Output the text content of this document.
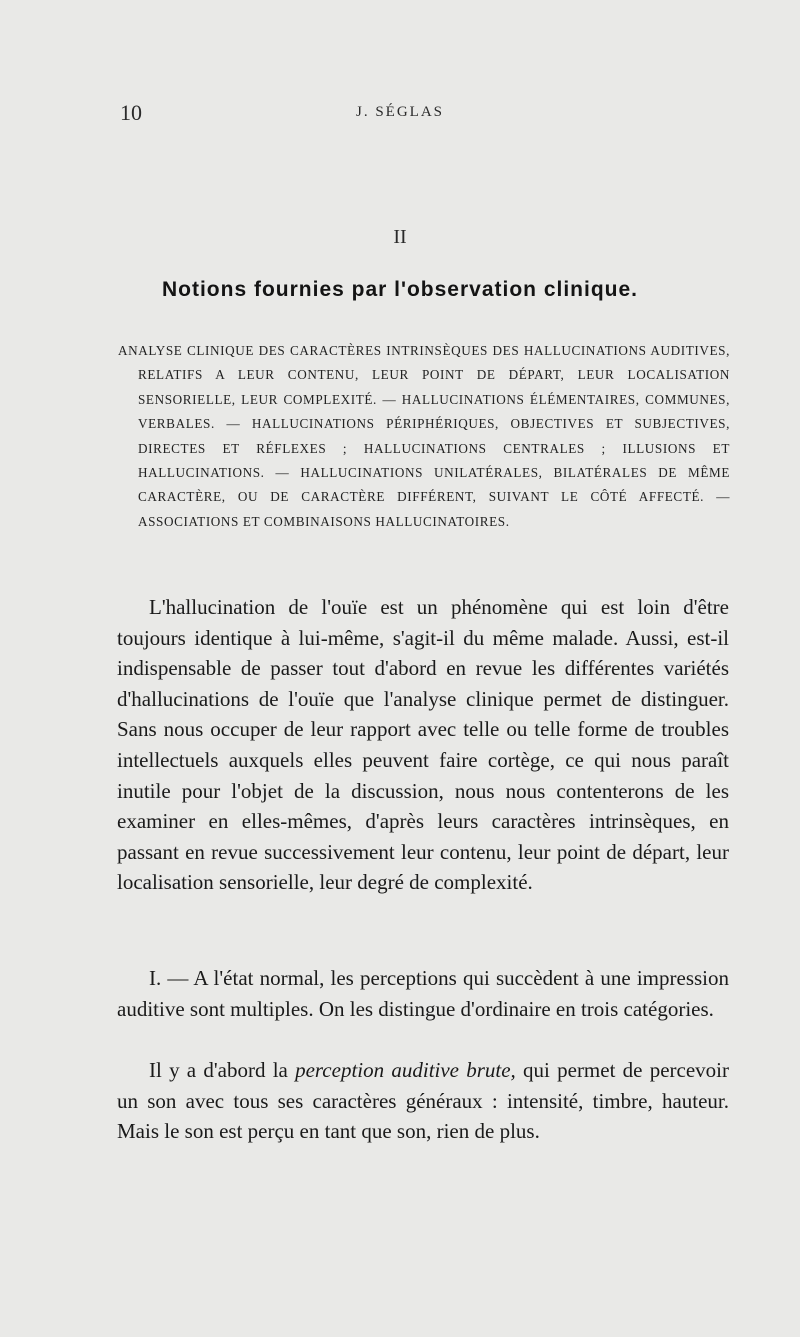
10	J. SÉGLAS
II
Notions fournies par l'observation clinique.

ANALYSE CLINIQUE DES CARACTÈRES INTRINSÈQUES DES HALLUCINATIONS AUDITIVES, RELATIFS A LEUR CONTENU, LEUR POINT DE DÉPART, LEUR LOCALISATION SENSORIELLE, LEUR COMPLEXITÉ. — HALLUCINATIONS ÉLÉMENTAIRES, COMMUNES, VERBALES. — HALLUCINATIONS PÉRIPHÉRIQUES, OBJECTIVES ET SUBJECTIVES, DIRECTES ET RÉFLEXES ; HALLUCINATIONS CENTRALES ; ILLUSIONS ET HALLUCINATIONS. — HALLUCINATIONS UNILATÉRALES, BILATÉRALES DE MÊME CARACTÈRE, OU DE CARACTÈRE DIFFÉRENT, SUIVANT LE CÔTÉ AFFECTÉ. — ASSOCIATIONS ET COMBINAISONS HALLUCINATOIRES.

L'hallucination de l'ouïe est un phénomène qui est loin d'être toujours identique à lui-même, s'agit-il du même malade. Aussi, est-il indispensable de passer tout d'abord en revue les différentes variétés d'hallucinations de l'ouïe que l'analyse clinique permet de distinguer. Sans nous occuper de leur rapport avec telle ou telle forme de troubles intellectuels auxquels elles peuvent faire cortège, ce qui nous paraît inutile pour l'objet de la discussion, nous nous contenterons de les examiner en elles-mêmes, d'après leurs caractères intrinsèques, en passant en revue successivement leur contenu, leur point de départ, leur localisation sensorielle, leur degré de complexité.

I. — A l'état normal, les perceptions qui succèdent à une impression auditive sont multiples. On les distingue d'ordinaire en trois catégories.

Il y a d'abord la perception auditive brute, qui permet de percevoir un son avec tous ses caractères généraux : intensité, timbre, hauteur. Mais le son est perçu en tant que son, rien de plus.
